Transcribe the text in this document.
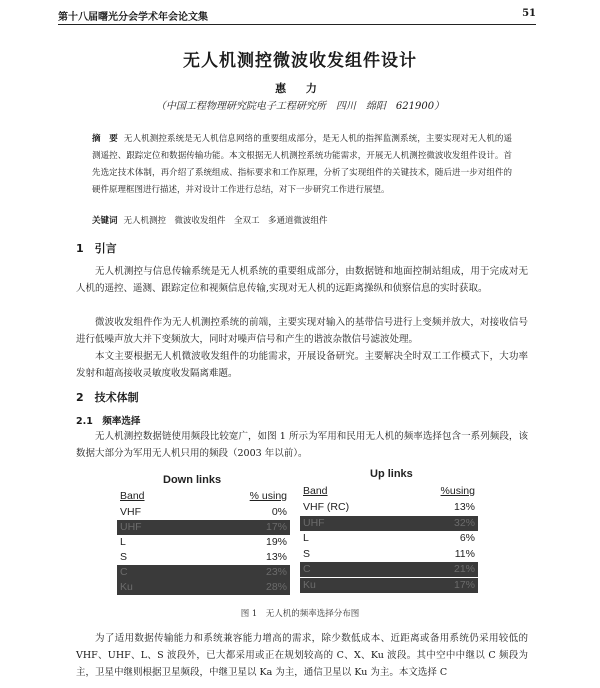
第十八届曙光分会学术年会论文集	51
无人机测控微波收发组件设计
惠 力
（中国工程物理研究院电子工程研究所　四川　绵阳　621900）
摘　要 无人机测控系统是无人机信息网络的重要组成部分，是无人机的指挥监测系统，主要实现对无人机的遥测遥控、跟踪定位和数据传输功能。本文根据无人机测控系统功能需求，开展无人机测控微波收发组件设计。首先选定技术体制，再介绍了系统组成、指标要求和工作原理，分析了实现组件的关键技术，随后进一步对组件的硬件原理框图进行描述，并对设计工作进行总结，对下一步研究工作进行展望。
关键词 无人机测控　微波收发组件　全双工　多通道微波组件
1　引言
无人机测控与信息传输系统是无人机系统的重要组成部分，由数据链和地面控制站组成，用于完成对无人机的遥控、遥测、跟踪定位和视频信息传输,实现对无人机的远距离操纵和侦察信息的实时获取。
微波收发组件作为无人机测控系统的前端，主要实现对输入的基带信号进行上变频并放大，对接收信号进行低噪声放大并下变频放大，同时对噪声信号和产生的谐波杂散信号滤波处理。
本文主要根据无人机微波收发组件的功能需求，开展设备研究。主要解决全时双工工作模式下，大功率发射和超高接收灵敏度收发隔离难题。
2　技术体制
2.1　频率选择
无人机测控数据链使用频段比较宽广，如图 1 所示为军用和民用无人机的频率选择包含一系列频段，该数据大部分为军用无人机只用的频段（2003 年以前）。
Down links
Band	% using
VHF	0%
UHF	17%
L	19%
S	13%
C	23%
Ku	28%
Up links
Band	%using
VHF (RC)	13%
UHF	32%
L	6%
S	11%
C	21%
Ku	17%
图 1　无人机的频率选择分布图
为了适用数据传输能力和系统兼容能力增高的需求，除少数低成本、近距离或备用系统仍采用较低的 VHF、UHF、L、S 波段外，已大都采用或正在规划较高的 C、X、Ku 波段。其中空中中继以 C 频段为主，卫星中继则根据卫星频段，中继卫星以 Ka 为主，通信卫星以 Ku 为主。本文选择 C
